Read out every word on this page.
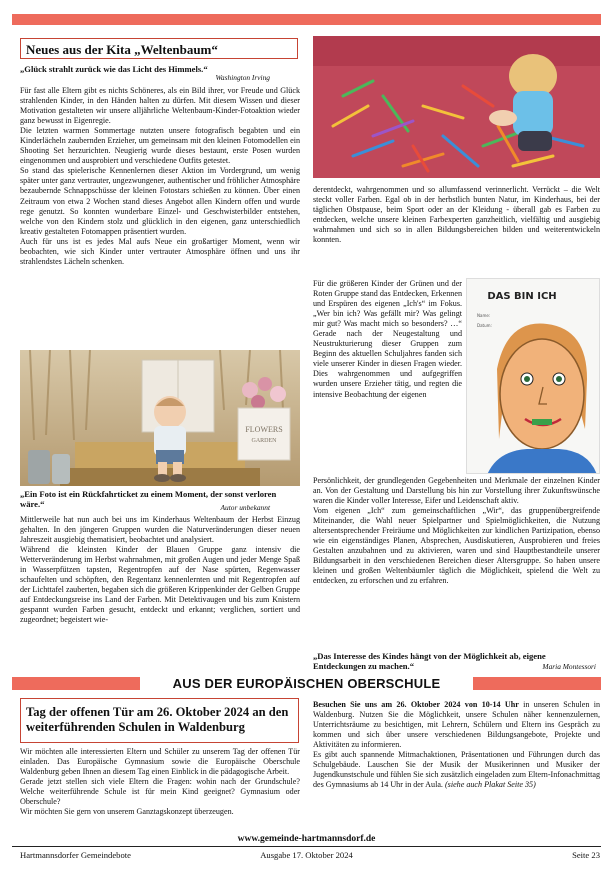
Neues aus der Kita „Weltenbaum“
„Glück strahlt zurück wie das Licht des Himmels.“
Washington Irving
Für fast alle Eltern gibt es nichts Schöneres, als ein Bild ihrer, vor Freude und Glück strahlenden Kinder, in den Händen halten zu dürfen. Mit diesem Wissen und dieser Motivation gestalteten wir unsere alljährliche Weltenbaum-Kinder-Fotoaktion wieder ganz bewusst in Eigenregie.
Die letzten warmen Sommertage nutzten unsere fotografisch begabten und ein Kinderlächeln zaubernden Erzieher, um gemeinsam mit den kleinen Fotomodellen ein Shooting Set herzurichten. Neugierig wurde dieses bestaunt, erste Posen wurden eingenommen und ausprobiert und verschiedene Outfits getestet.
So stand das spielerische Kennenlernen dieser Aktion im Vordergrund, um wenig später unter ganz vertrauter, ungezwungener, authentischer und fröhlicher Atmosphäre bezaubernde Schnappschüsse der kleinen Fotostars schießen zu können. Über einen Zeitraum von etwa 2 Wochen stand dieses Angebot allen Kindern offen und wurde rege genutzt. So konnten wunderbare Einzel- und Geschwisterbilder entstehen, welche von den Kindern stolz und glücklich in den eigenen, ganz unterschiedlich kreativ gestalteten Fotomappen präsentiert wurden.
Auch für uns ist es jedes Mal aufs Neue ein großartiger Moment, wenn wir beobachten, wie sich Kinder unter vertrauter Atmosphäre öffnen und uns ihr strahlendstes Lächeln schenken.
FLOWERS
GARDEN
„Ein Foto ist ein Rückfahrticket zu einem Moment, der sonst verloren wäre.“	Autor unbekannt
Mittlerweile hat nun auch bei uns im Kinderhaus Weltenbaum der Herbst Einzug gehalten. In den jüngeren Gruppen wurden die Naturveränderungen dieser neuen Jahreszeit ausgiebig thematisiert, beobachtet und analysiert.
Während die kleinsten Kinder der Blauen Gruppe ganz intensiv die Wetterveränderung im Herbst wahrnahmen, mit großen Augen und jeder Menge Spaß in Wasserpfützen tapsten, Regentropfen auf der Nase spürten, Regenwasser schaufelten und schöpften, den Regentanz kennenlernten und mit Regentropfen auf der Lichttafel zauberten, begaben sich die größeren Krippenkinder der Gelben Gruppe auf Entdeckungsreise ins Land der Farben. Mit Detektivaugen und bis zum Knistern gespannt wurden Farben gesucht, entdeckt und erkannt; verglichen, sortiert und zugeordnet; begeistert wie-
derentdeckt, wahrgenommen und so allumfassend verinnerlicht. Verrückt – die Welt steckt voller Farben. Egal ob in der herbstlich bunten Natur, im Kinderhaus, bei der täglichen Obstpause, beim Sport oder an der Kleidung - überall gab es Farben zu entdecken, welche unsere kleinen Farbexperten ganzheitlich, vielfältig und ausgiebig wahrnahmen und sich so in allen Bildungsbereichen bilden und weiterentwickeln konnten.
Für die größeren Kinder der Grünen und der Roten Gruppe stand das Entdecken, Erkennen und Erspüren des eigenen „Ich's“ im Fokus. „Wer bin ich? Was gefällt mir? Was gelingt mir gut? Was macht mich so besonders? …“ Gerade nach der Neugestaltung und Neustrukturierung dieser Gruppen zum Beginn des aktuellen Schuljahres fanden sich viele unserer Kinder in diesen Fragen wieder. Dies wahrgenommen und aufgegriffen wurden unsere Erzieher tätig, und regten die intensive Beobachtung der eigenen
DAS BIN ICH
Name:
Datum:
Persönlichkeit, der grundlegenden Gegebenheiten und Merkmale der einzelnen Kinder an. Von der Gestaltung und Darstellung bis hin zur Vorstellung ihrer Zukunftswünsche waren die Kinder voller Interesse, Eifer und Leidenschaft aktiv.
Vom eigenen „Ich“ zum gemeinschaftlichen „Wir“, das gruppenübergreifende Miteinander, die Wahl neuer Spielpartner und Spielmöglichkeiten, die Nutzung altersentsprechender Freiräume und Möglichkeiten zur kindlichen Partizipation, ebenso wie ein eigenständiges Planen, Absprechen, Ausdiskutieren, Ausprobieren und freies Gestalten anzubahnen und zu aktivieren, waren und sind Hauptbestandteile unserer Bildungsarbeit in den verschiedenen Bereichen dieser Altersgruppe. So haben unsere kleinen und großen Weltenbäumler täglich die Möglichkeit, spielend die Welt zu entdecken, zu erforschen und zu erfahren.
„Das Interesse des Kindes hängt von der Möglichkeit ab, eigene Entdeckungen zu machen.“	Maria Montessori
AUS DER EUROPÄISCHEN OBERSCHULE
Tag der offenen Tür am 26. Oktober 2024 an den weiterführenden Schulen in Waldenburg
Wir möchten alle interessierten Eltern und Schüler zu unserem Tag der offenen Tür einladen. Das Europäische Gymnasium sowie die Europäische Oberschule Waldenburg geben Ihnen an diesem Tag einen Einblick in die pädagogische Arbeit.
Gerade jetzt stellen sich viele Eltern die Fragen: wohin nach der Grundschule? Welche weiterführende Schule ist für mein Kind geeignet? Gymnasium oder Oberschule?
Wir möchten Sie gern von unserem Ganztagskonzept überzeugen.
Besuchen Sie uns am 26. Oktober 2024 von 10-14 Uhr in unseren Schulen in Waldenburg. Nutzen Sie die Möglichkeit, unsere Schulen näher kennenzulernen, Unterrichtsräume zu besichtigen, mit Lehrern, Schülern und Eltern ins Gespräch zu kommen und sich über unsere verschiedenen Bildungsangebote, Projekte und Aktivitäten zu informieren.
Es gibt auch spannende Mitmachaktionen, Präsentationen und Führungen durch das Schulgebäude. Lauschen Sie der Musik der Musikerinnen und Musiker der Jugendkunstschule und fühlen Sie sich zusätzlich eingeladen zum Eltern-Infonachmittag des Gymnasiums ab 14 Uhr in der Aula. (siehe auch Plakat Seite 35)
www.gemeinde-hartmannsdorf.de
Hartmannsdorfer Gemeindebote	Ausgabe 17. Oktober 2024	Seite 23
